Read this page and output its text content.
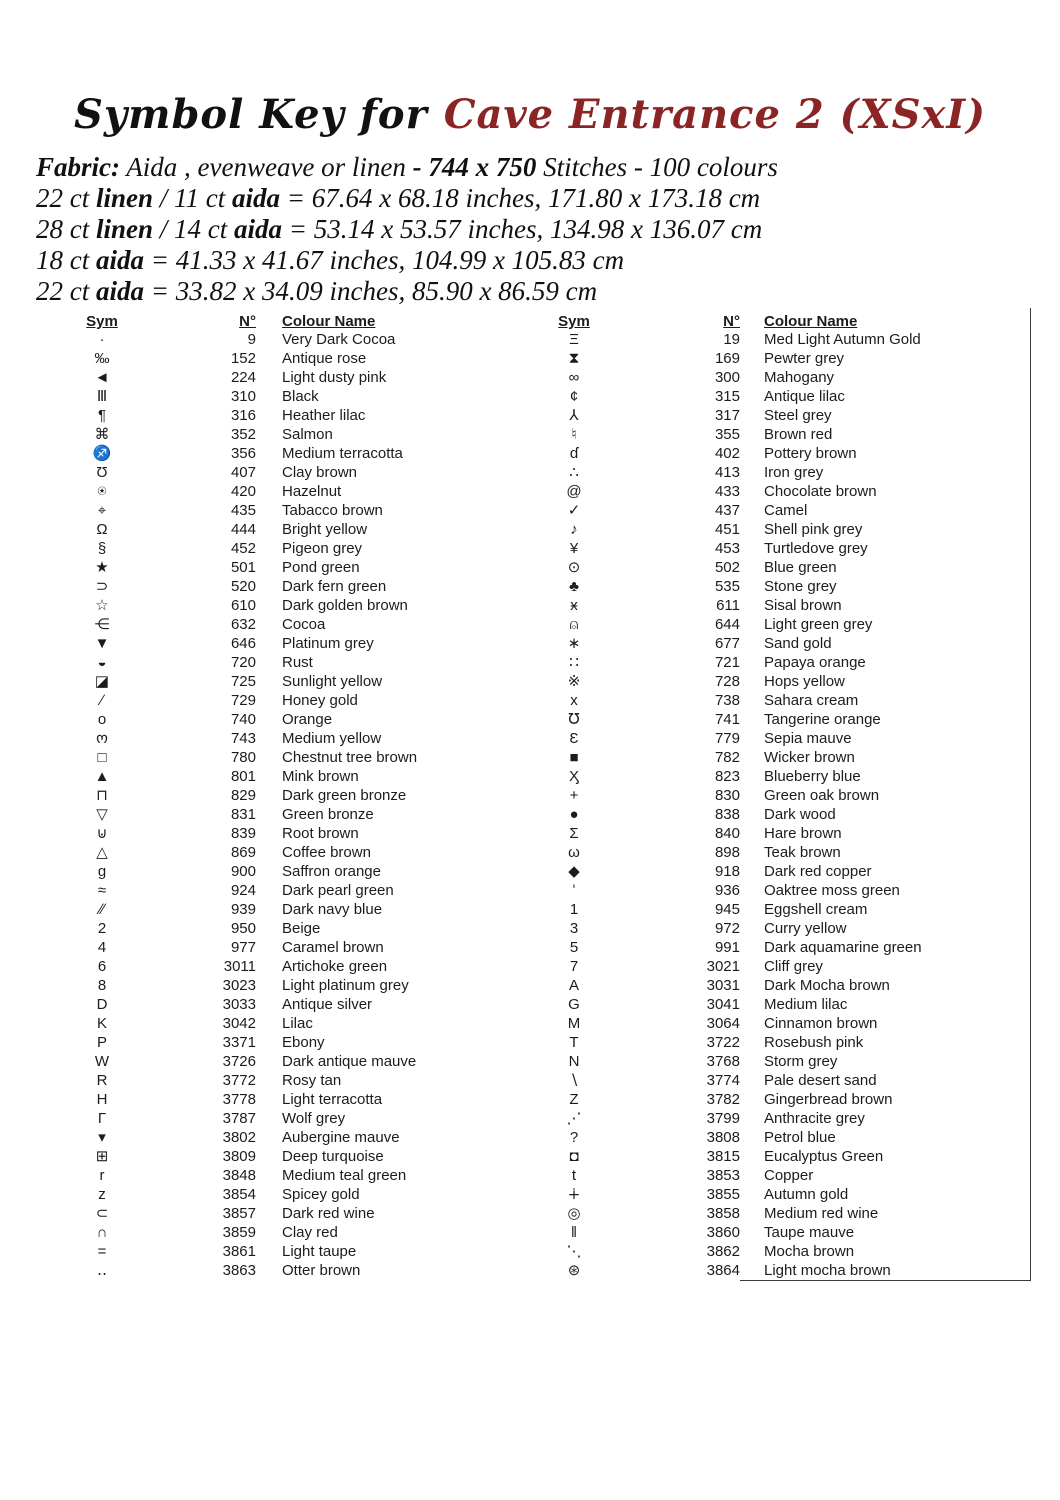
Symbol Key for Cave Entrance 2 (XSxI)
Fabric: Aida , evenweave or linen - 744 x 750 Stitches - 100 colours
22 ct linen / 11 ct aida = 67.64 x 68.18 inches, 171.80 x 173.18 cm
28 ct linen / 14 ct aida = 53.14 x 53.57 inches, 134.98 x 136.07 cm
18 ct aida = 41.33 x 41.67 inches, 104.99 x 105.83 cm
22 ct aida = 33.82 x 34.09 inches, 85.90 x 86.59 cm
Sym	N°	Colour Name
·	9	Very Dark Cocoa
‰	152	Antique rose
◄	224	Light dusty pink
Ⅲ	310	Black
¶	316	Heather lilac
⌘	352	Salmon
♐	356	Medium terracotta
Ʊ	407	Clay brown
⍟	420	Hazelnut
⌖	435	Tabacco brown
Ω	444	Bright yellow
§	452	Pigeon grey
★	501	Pond green
⊃	520	Dark fern green
☆	610	Dark golden brown
⋲	632	Cocoa
▼	646	Platinum grey
◒	720	Rust
◪	725	Sunlight yellow
∕	729	Honey gold
o	740	Orange
ო	743	Medium yellow
□	780	Chestnut tree brown
▲	801	Mink brown
⊓	829	Dark green bronze
▽	831	Green bronze
⊍	839	Root brown
△	869	Coffee brown
g	900	Saffron orange
≈	924	Dark pearl green
∕∕	939	Dark navy blue
2	950	Beige
4	977	Caramel brown
6	3011	Artichoke green
8	3023	Light platinum grey
D	3033	Antique silver
K	3042	Lilac
P	3371	Ebony
W	3726	Dark antique mauve
R	3772	Rosy tan
H	3778	Light terracotta
Γ	3787	Wolf grey
▾	3802	Aubergine mauve
⊞	3809	Deep turquoise
r	3848	Medium teal green
z	3854	Spicey gold
⊂	3857	Dark red wine
∩	3859	Clay red
=	3861	Light taupe
‥	3863	Otter brown
Sym	N°	Colour Name
Ξ	19	Med Light Autumn Gold
⧗	169	Pewter grey
∞	300	Mahogany
¢	315	Antique lilac
⅄	317	Steel grey
♮	355	Brown red
ɗ	402	Pottery brown
∴	413	Iron grey
@	433	Chocolate brown
✓	437	Camel
♪	451	Shell pink grey
¥	453	Turtledove grey
⊙	502	Blue green
♣	535	Stone grey
ӿ	611	Sisal brown
⍝	644	Light green grey
∗	677	Sand gold
∷	721	Papaya orange
※	728	Hops yellow
x	738	Sahara cream
℧	741	Tangerine orange
Ɛ	779	Sepia mauve
■	782	Wicker brown
Ӽ	823	Blueberry blue
+	830	Green oak brown
●	838	Dark wood
Σ	840	Hare brown
ω	898	Teak brown
◆	918	Dark red copper
ʻ	936	Oaktree moss green
1	945	Eggshell cream
3	972	Curry yellow
5	991	Dark aquamarine green
7	3021	Cliff grey
A	3031	Dark Mocha brown
G	3041	Medium lilac
M	3064	Cinnamon brown
T	3722	Rosebush pink
N	3768	Storm grey
∖	3774	Pale desert sand
Z	3782	Gingerbread brown
⋰	3799	Anthracite grey
?	3808	Petrol blue
◘	3815	Eucalyptus Green
t	3853	Copper
∔	3855	Autumn gold
◎	3858	Medium red wine
‖	3860	Taupe mauve
⋱	3862	Mocha brown
⊛	3864	Light mocha brown
